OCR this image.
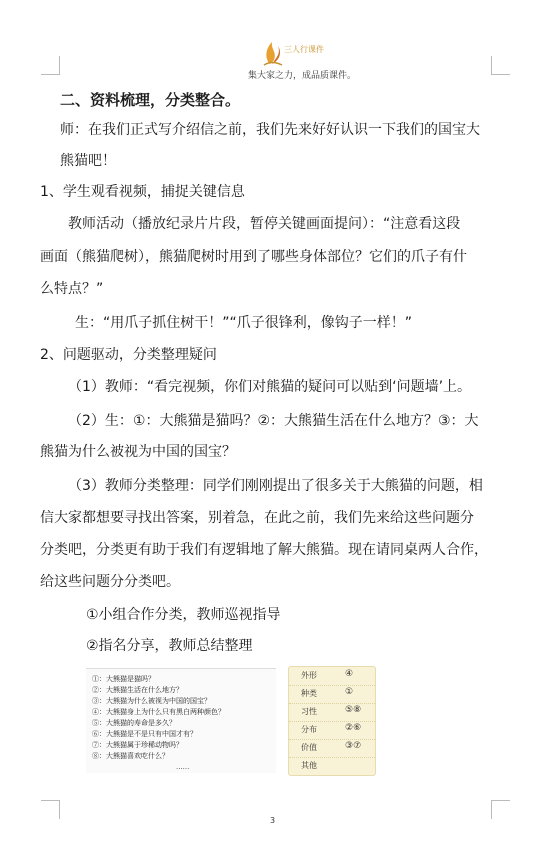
三人行课件
集大家之力，成品质课件。
二、资料梳理，分类整合。
师：在我们正式写介绍信之前，我们先来好好认识一下我们的国宝大
熊猫吧！
1、学生观看视频，捕捉关键信息
教师活动（播放纪录片片段，暂停关键画面提问）：“注意看这段
画面（熊猫爬树），熊猫爬树时用到了哪些身体部位？它们的爪子有什
么特点？”
生：“用爪子抓住树干！”“爪子很锋利，像钩子一样！”
2、问题驱动，分类整理疑问
（1）教师：“看完视频，你们对熊猫的疑问可以贴到‘问题墙’上。
（2）生：①：大熊猫是猫吗？②：大熊猫生活在什么地方？③：大
熊猫为什么被视为中国的国宝？
（3）教师分类整理：同学们刚刚提出了很多关于大熊猫的问题，相
信大家都想要寻找出答案，别着急，在此之前，我们先来给这些问题分
分类吧，分类更有助于我们有逻辑地了解大熊猫。现在请同桌两人合作，
给这些问题分分类吧。
①小组合作分类，教师巡视指导
②指名分享，教师总结整理
①：大熊猫是猫吗？
②：大熊猫生活在什么地方？
③：大熊猫为什么被视为中国的国宝？
④：大熊猫身上为什么只有黑白两种颜色？
⑤：大熊猫的寿命是多久？
⑥：大熊猫是不是只有中国才有？
⑦：大熊猫属于珍稀动物吗？
⑧：大熊猫喜欢吃什么？
......
外形	④
种类	①
习性	⑤⑧
分布	②⑥
价值	③⑦
其他
3
